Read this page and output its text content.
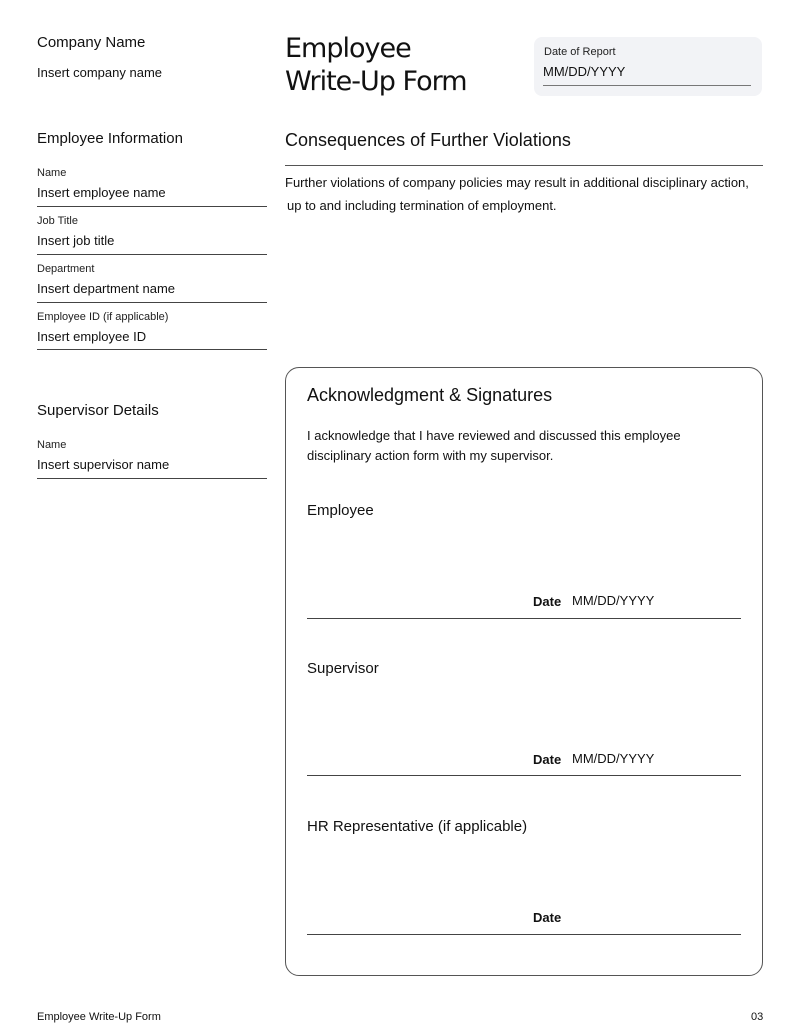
Company Name
Insert company name
Employee
Write-Up Form
Date of Report
MM/DD/YYYY
Employee Information
Name
Insert employee name
Job Title
Insert job title
Department
Insert department name
Employee ID (if applicable)
Insert employee ID
Supervisor Details
Name
Insert supervisor name
Consequences of Further Violations
Further violations of company policies may result in additional disciplinary action,
up to and including termination of employment.
Acknowledgment & Signatures
I acknowledge that I have reviewed and discussed this employee
disciplinary action form with my supervisor.
Employee
Date MM/DD/YYYY
Supervisor
Date MM/DD/YYYY
HR Representative (if applicable)
Date
Employee Write-Up Form	03
